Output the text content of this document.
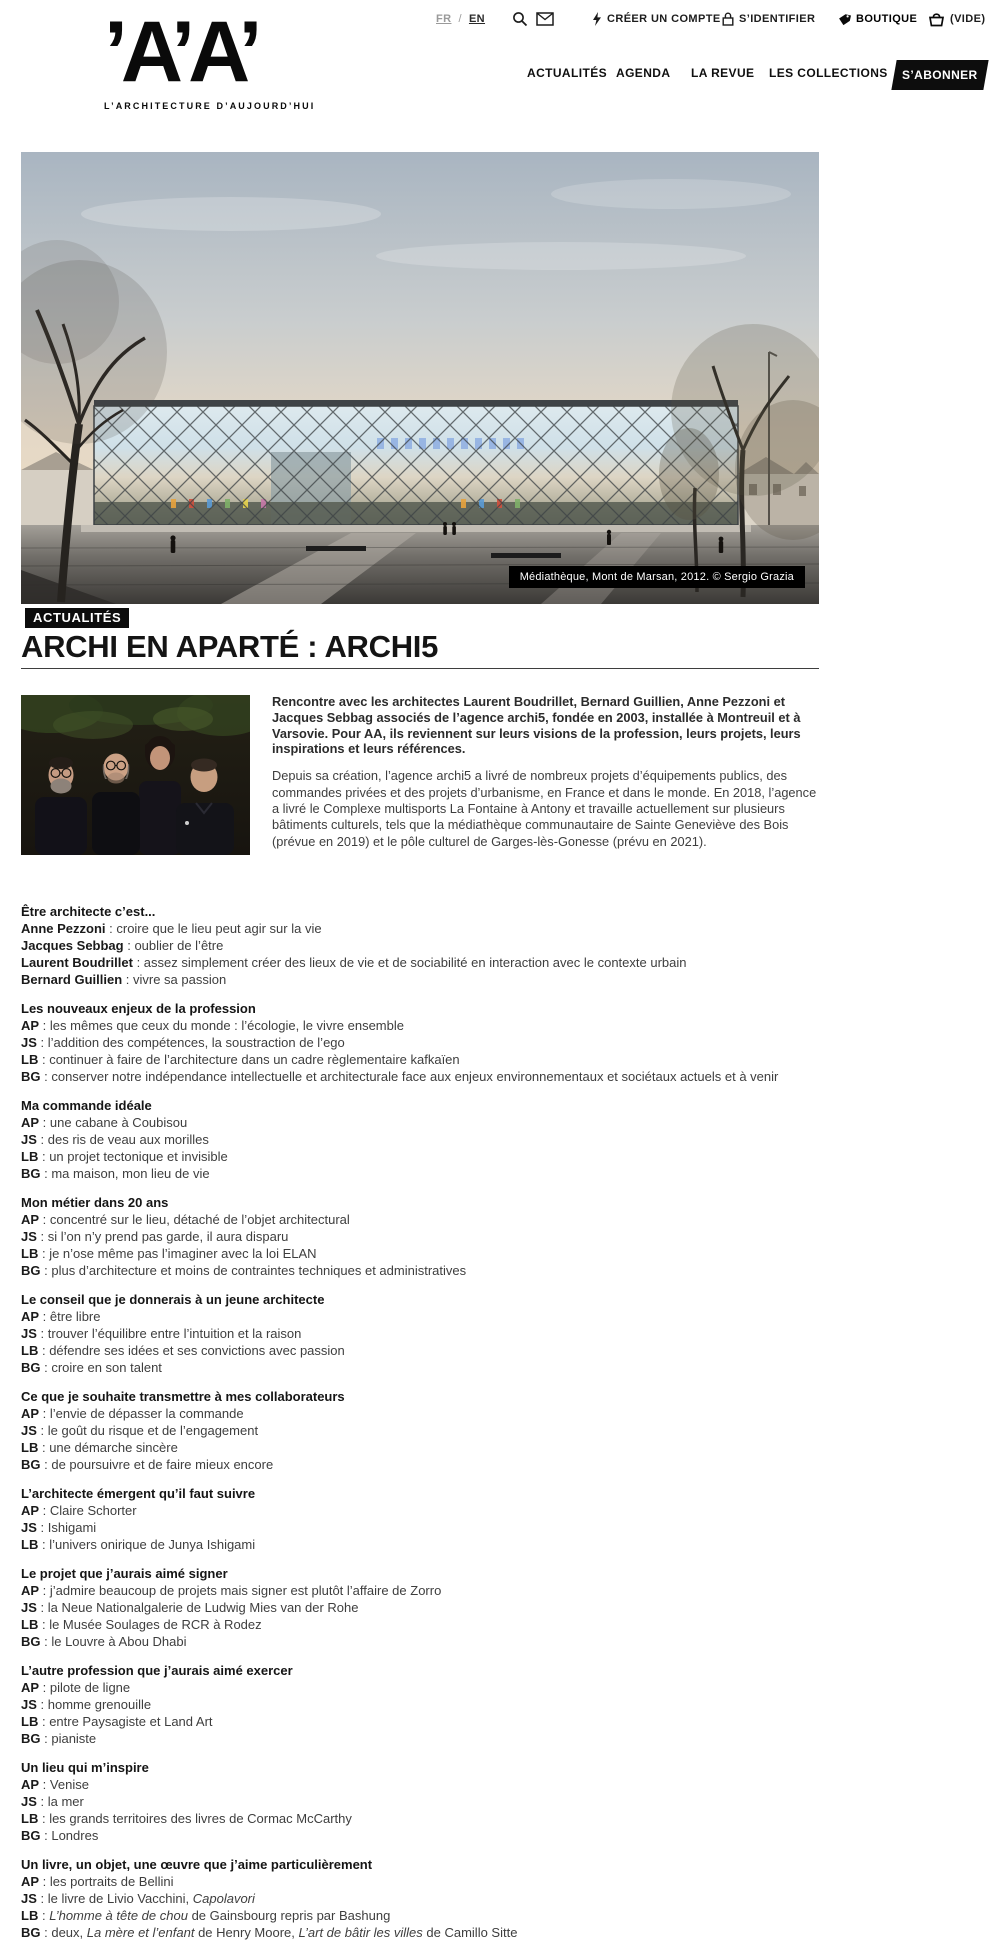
’A’A’
L’ARCHITECTURE D’AUJOURD’HUI
FR / EN	CRÉER UN COMPTE S’IDENTIFIER	BOUTIQUE	(VIDE)
ACTUALITÉS AGENDA LA REVUE LES COLLECTIONS S’ABONNER
Médiathèque, Mont de Marsan, 2012. © Sergio Grazia
ACTUALITÉS
ARCHI EN APARTÉ : ARCHI5

Rencontre avec les architectes Laurent Boudrillet, Bernard Guillien, Anne Pezzoni et Jacques Sebbag associés de l’agence archi5, fondée en 2003, installée à Montreuil et à Varsovie. Pour AA, ils reviennent sur leurs visions de la profession, leurs projets, leurs inspirations et leurs références.

Depuis sa création, l’agence archi5 a livré de nombreux projets d’équipements publics, des commandes privées et des projets d’urbanisme, en France et dans le monde. En 2018, l’agence a livré le Complexe multisports La Fontaine à Antony et travaille actuellement sur plusieurs bâtiments culturels, tels que la médiathèque communautaire de Sainte Geneviève des Bois (prévue en 2019) et le pôle culturel de Garges-lès-Gonesse (prévu en 2021).

Être architecte c’est...
Anne Pezzoni : croire que le lieu peut agir sur la vie
Jacques Sebbag : oublier de l’être
Laurent Boudrillet : assez simplement créer des lieux de vie et de sociabilité en interaction avec le contexte urbain
Bernard Guillien : vivre sa passion
Les nouveaux enjeux de la profession
AP : les mêmes que ceux du monde : l’écologie, le vivre ensemble
JS : l’addition des compétences, la soustraction de l’ego
LB : continuer à faire de l’architecture dans un cadre règlementaire kafkaïen
BG : conserver notre indépendance intellectuelle et architecturale face aux enjeux environnementaux et sociétaux actuels et à venir
Ma commande idéale
AP : une cabane à Coubisou
JS : des ris de veau aux morilles
LB : un projet tectonique et invisible
BG : ma maison, mon lieu de vie
Mon métier dans 20 ans
AP : concentré sur le lieu, détaché de l’objet architectural
JS : si l’on n’y prend pas garde, il aura disparu
LB : je n’ose même pas l’imaginer avec la loi ELAN
BG : plus d’architecture et moins de contraintes techniques et administratives
Le conseil que je donnerais à un jeune architecte
AP : être libre
JS : trouver l’équilibre entre l’intuition et la raison
LB : défendre ses idées et ses convictions avec passion
BG : croire en son talent
Ce que je souhaite transmettre à mes collaborateurs
AP : l’envie de dépasser la commande
JS : le goût du risque et de l’engagement
LB : une démarche sincère
BG : de poursuivre et de faire mieux encore
L’architecte émergent qu’il faut suivre
AP : Claire Schorter
JS : Ishigami
LB : l’univers onirique de Junya Ishigami
Le projet que j’aurais aimé signer
AP : j’admire beaucoup de projets mais signer est plutôt l’affaire de Zorro
JS : la Neue Nationalgalerie de Ludwig Mies van der Rohe
LB : le Musée Soulages de RCR à Rodez
BG : le Louvre à Abou Dhabi
L’autre profession que j’aurais aimé exercer
AP : pilote de ligne
JS : homme grenouille
LB : entre Paysagiste et Land Art
BG : pianiste
Un lieu qui m’inspire
AP : Venise
JS : la mer
LB : les grands territoires des livres de Cormac McCarthy
BG : Londres
Un livre, un objet, une œuvre que j’aime particulièrement
AP : les portraits de Bellini
JS : le livre de Livio Vacchini, Capolavori
LB : L’homme à tête de chou de Gainsbourg repris par Bashung
BG : deux, La mère et l’enfant de Henry Moore, L’art de bâtir les villes de Camillo Sitte
